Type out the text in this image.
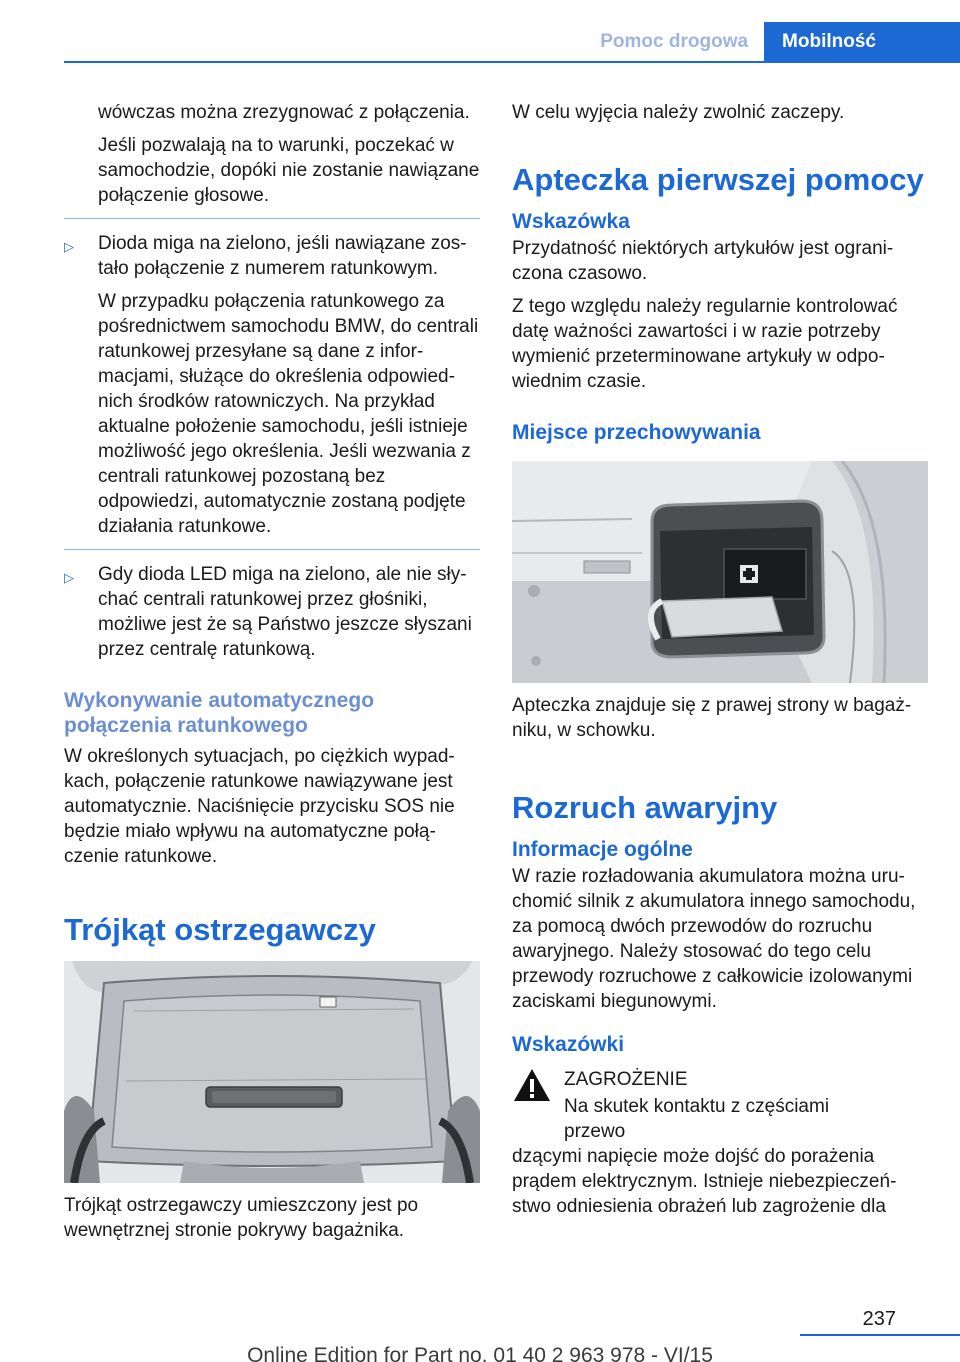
Pomoc drogowa	Mobilność
wówczas można zrezygnować z połączenia.
Jeśli pozwalają na to warunki, poczekać w samochodzie, dopóki nie zostanie nawiązane połączenie głosowe.
▷ Dioda miga na zielono, jeśli nawiązane zostało połączenie z numerem ratunkowym.
W przypadku połączenia ratunkowego za pośrednictwem samochodu BMW, do centrali ratunkowej przesyłane są dane z informacjami, służące do określenia odpowiednich środków ratowniczych. Na przykład aktualne położenie samochodu, jeśli istnieje możliwość jego określenia. Jeśli wezwania z centrali ratunkowej pozostaną bez odpowiedzi, automatycznie zostaną podjęte działania ratunkowe.
▷ Gdy dioda LED miga na zielono, ale nie słychać centrali ratunkowej przez głośniki, możliwe jest że są Państwo jeszcze słyszani przez centralę ratunkową.
Wykonywanie automatycznego połączenia ratunkowego
W określonych sytuacjach, po ciężkich wypadkach, połączenie ratunkowe nawiązywane jest automatycznie. Naciśnięcie przycisku SOS nie będzie miało wpływu na automatyczne połączenie ratunkowe.
Trójkąt ostrzegawczy
Trójkąt ostrzegawczy umieszczony jest po wewnętrznej stronie pokrywy bagażnika.
W celu wyjęcia należy zwolnić zaczepy.
Apteczka pierwszej pomocy
Wskazówka
Przydatność niektórych artykułów jest ograniczona czasowo.
Z tego względu należy regularnie kontrolować datę ważności zawartości i w razie potrzeby wymienić przeterminowane artykuły w odpowiednim czasie.
Miejsce przechowywania
Apteczka znajduje się z prawej strony w bagażniku, w schowku.
Rozruch awaryjny
Informacje ogólne
W razie rozładowania akumulatora można uruchomić silnik z akumulatora innego samochodu, za pomocą dwóch przewodów do rozruchu awaryjnego. Należy stosować do tego celu przewody rozruchowe z całkowicie izolowanymi zaciskami biegunowymi.
Wskazówki
ZAGROŻENIE
Na skutek kontaktu z częściami przewo
dzącymi napięcie może dojść do porażenia prądem elektrycznym. Istnieje niebezpieczeństwo odniesienia obrażeń lub zagrożenie dla
237
Online Edition for Part no. 01 40 2 963 978 - VI/15
